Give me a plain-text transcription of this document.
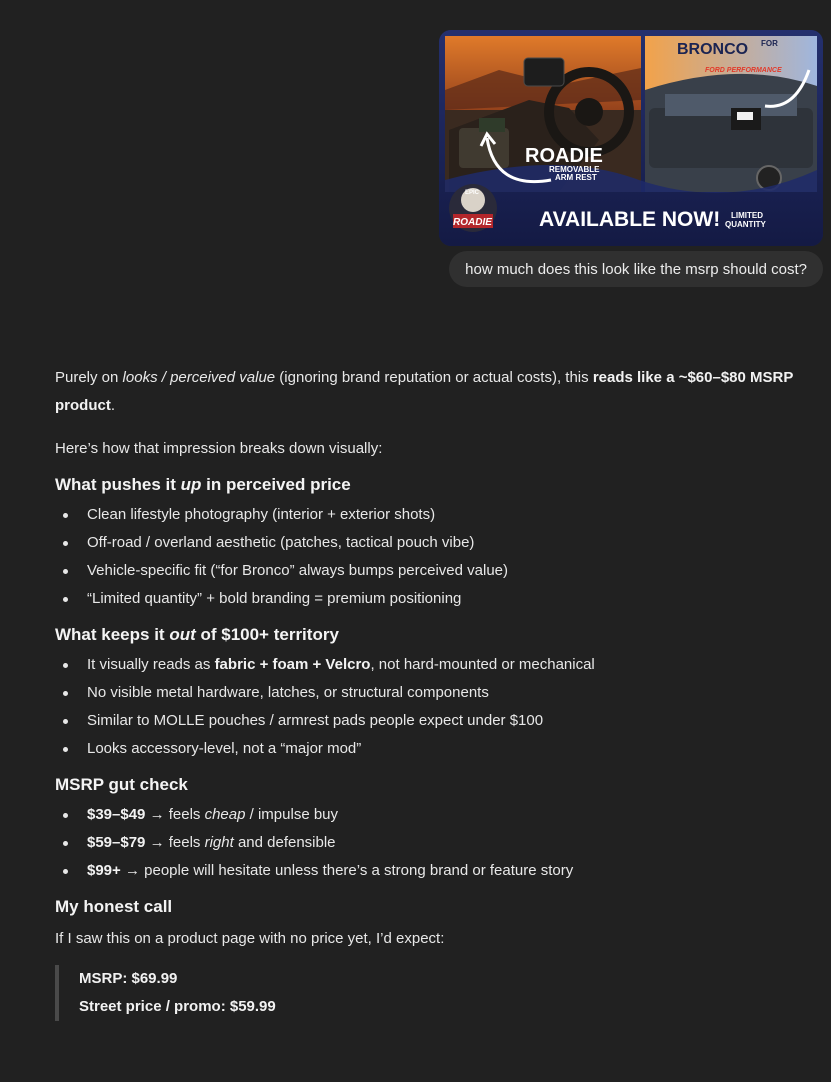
FOR
BRONCO
FORD PERFORMANCE
ROADIE
REMOVABLE
ARM REST
EPIC
ROADIE AVAILABLE NOW! LIMITED
QUANTITY
how much does this look like the msrp should cost?

Purely on looks / perceived value (ignoring brand reputation or actual costs), this reads like a ~$60–$80 MSRP product.

Here’s how that impression breaks down visually:

What pushes it up in perceived price
Clean lifestyle photography (interior + exterior shots)
Off-road / overland aesthetic (patches, tactical pouch vibe)
Vehicle-specific fit (“for Bronco” always bumps perceived value)
“Limited quantity” + bold branding = premium positioning
What keeps it out of $100+ territory
It visually reads as fabric + foam + Velcro, not hard-mounted or mechanical
No visible metal hardware, latches, or structural components
Similar to MOLLE pouches / armrest pads people expect under $100
Looks accessory-level, not a “major mod”
MSRP gut check
$39–$49 → feels cheap / impulse buy
$59–$79 → feels right and defensible
$99+ → people will hesitate unless there’s a strong brand or feature story
My honest call

If I saw this on a product page with no price yet, I’d expect:

MSRP: $69.99
Street price / promo: $59.99
